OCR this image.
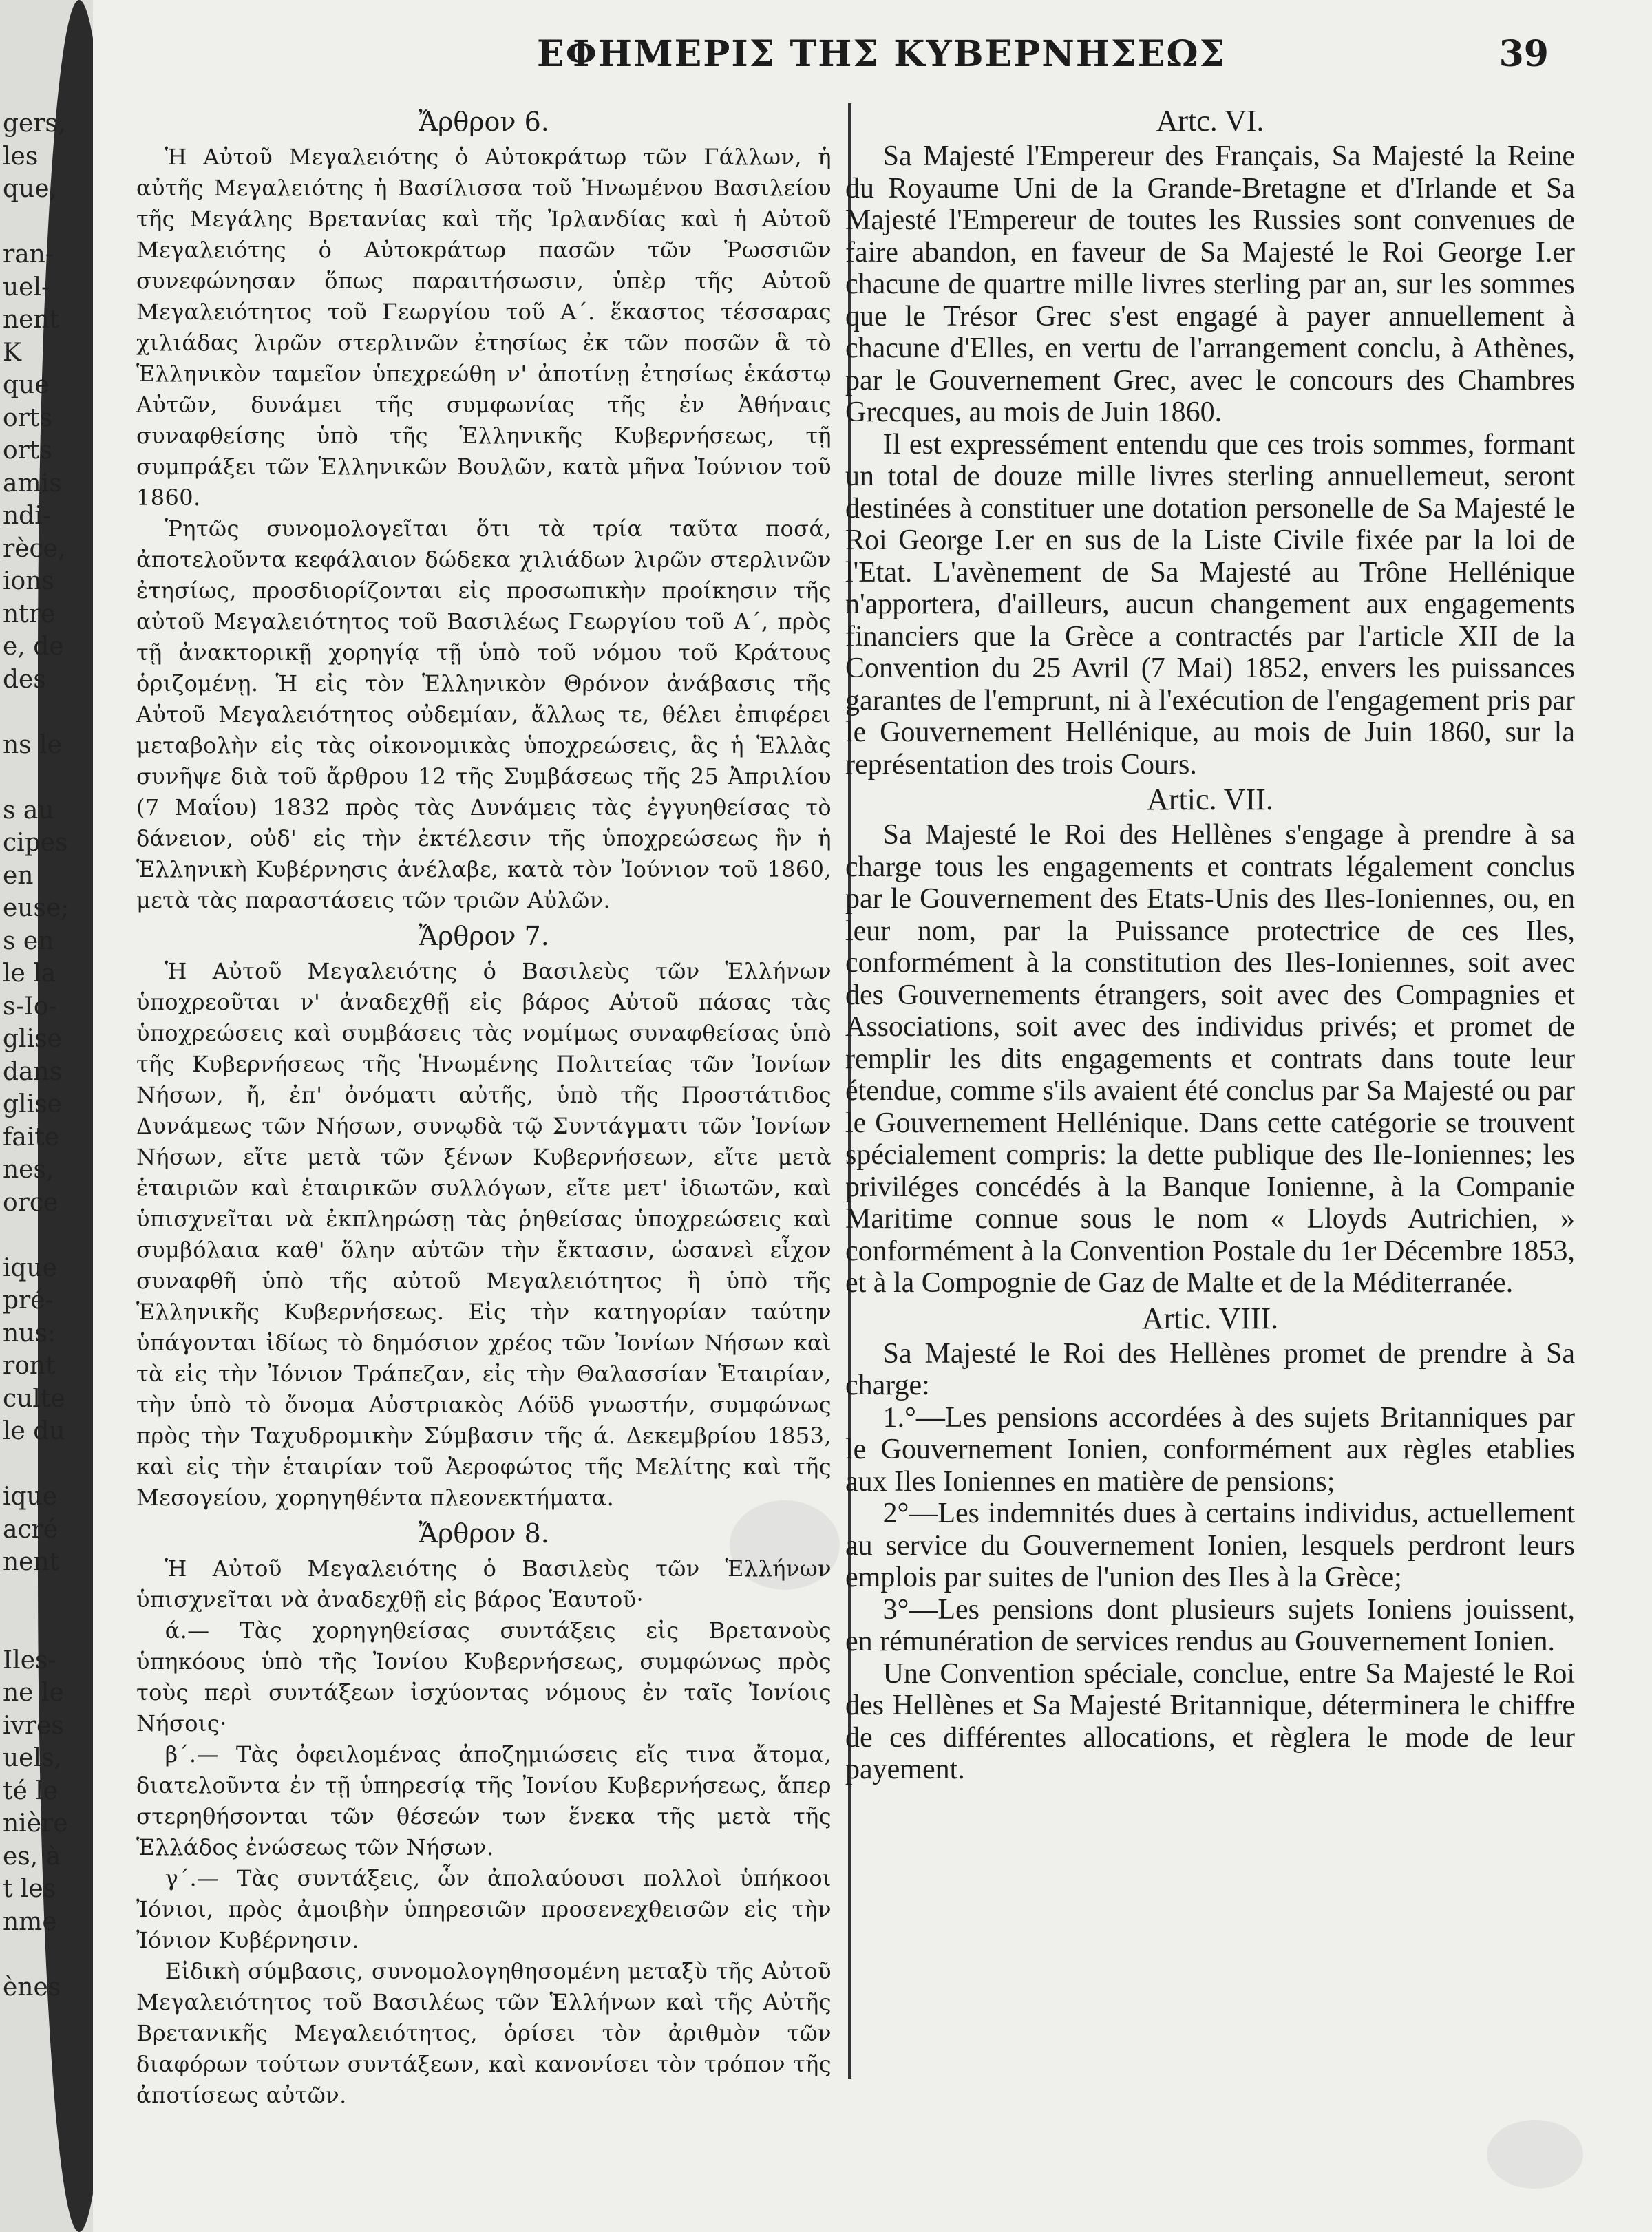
gers,
les
que,
ran-
uel-
nent
K
que
orts
orts
amis
ndi-
rèce,
ions
ntre
e, de
des
ns le
s au
cipes
en
euse;
s en
le la
s-Io-
glise
dans
glise
faite
nes,
orce
ique
pré-
nus:
ront
culte
le du
ique
acré
nent
Iles-
ne le
ivres
uels,
té le
nière
es, à
t les
nme
ènes
ΕΦΗΜΕΡΙΣ ΤΗΣ ΚΥΒΕΡΝΗΣΕΩΣ	39
Ἄρθρον 6.

Ἡ Αὐτοῦ Μεγαλειότης ὁ Αὐτοκράτωρ τῶν Γάλλων, ἡ αὐτῆς Μεγαλειότης ἡ Βασίλισσα τοῦ Ἡνωμένου Βασιλείου τῆς Μεγάλης Βρετανίας καὶ τῆς Ἰρλανδίας καὶ ἡ Αὐτοῦ Μεγαλειότης ὁ Αὐτοκράτωρ πασῶν τῶν Ῥωσσιῶν συνεφώνησαν ὅπως παραιτήσωσιν, ὑπὲρ τῆς Αὐτοῦ Μεγαλειότητος τοῦ Γεωργίου τοῦ Α΄. ἕκαστος τέσσαρας χιλιάδας λιρῶν στερλινῶν ἐτησίως ἐκ τῶν ποσῶν ἃ τὸ Ἑλληνικὸν ταμεῖον ὑπεχρεώθη ν' ἀποτίνῃ ἐτησίως ἑκάστῳ Αὐτῶν, δυνάμει τῆς συμφωνίας τῆς ἐν Ἀθήναις συναφθείσης ὑπὸ τῆς Ἑλληνικῆς Κυβερνήσεως, τῇ συμπράξει τῶν Ἑλληνικῶν Βουλῶν, κατὰ μῆνα Ἰούνιον τοῦ 1860.

Ῥητῶς συνομολογεῖται ὅτι τὰ τρία ταῦτα ποσά, ἀποτελοῦντα κεφάλαιον δώδεκα χιλιάδων λιρῶν στερλινῶν ἐτησίως, προσδιορίζονται εἰς προσωπικὴν προίκησιν τῆς αὐτοῦ Μεγαλειότητος τοῦ Βασιλέως Γεωργίου τοῦ Α΄, πρὸς τῇ ἀνακτορικῇ χορηγίᾳ τῇ ὑπὸ τοῦ νόμου τοῦ Κράτους ὁριζομένῃ. Ἡ εἰς τὸν Ἑλληνικὸν Θρόνον ἀνάβασις τῆς Αὐτοῦ Μεγαλειότητος οὐδεμίαν, ἄλλως τε, θέλει ἐπιφέρει μεταβολὴν εἰς τὰς οἰκονομικὰς ὑποχρεώσεις, ἃς ἡ Ἑλλὰς συνῆψε διὰ τοῦ ἄρθρου 12 τῆς Συμβάσεως τῆς 25 Ἀπριλίου (7 Μαΐου) 1832 πρὸς τὰς Δυνάμεις τὰς ἐγγυηθείσας τὸ δάνειον, οὐδ' εἰς τὴν ἐκτέλεσιν τῆς ὑποχρεώσεως ἣν ἡ Ἑλληνικὴ Κυβέρνησις ἀνέλαβε, κατὰ τὸν Ἰούνιον τοῦ 1860, μετὰ τὰς παραστάσεις τῶν τριῶν Αὐλῶν.

Ἄρθρον 7.

Ἡ Αὐτοῦ Μεγαλειότης ὁ Βασιλεὺς τῶν Ἑλλήνων ὑποχρεοῦται ν' ἀναδεχθῇ εἰς βάρος Αὐτοῦ πάσας τὰς ὑποχρεώσεις καὶ συμβάσεις τὰς νομίμως συναφθείσας ὑπὸ τῆς Κυβερνήσεως τῆς Ἡνωμένης Πολιτείας τῶν Ἰονίων Νήσων, ἤ, ἐπ' ὀνόματι αὐτῆς, ὑπὸ τῆς Προστάτιδος Δυνάμεως τῶν Νήσων, συνῳδὰ τῷ Συντάγματι τῶν Ἰονίων Νήσων, εἴτε μετὰ τῶν ξένων Κυβερνήσεων, εἴτε μετὰ ἑταιριῶν καὶ ἑταιρικῶν συλλόγων, εἴτε μετ' ἰδιωτῶν, καὶ ὑπισχνεῖται νὰ ἐκπληρώσῃ τὰς ῥηθείσας ὑποχρεώσεις καὶ συμβόλαια καθ' ὅλην αὐτῶν τὴν ἔκτασιν, ὡσανεὶ εἶχον συναφθῆ ὑπὸ τῆς αὐτοῦ Μεγαλειότητος ἢ ὑπὸ τῆς Ἑλληνικῆς Κυβερνήσεως. Εἰς τὴν κατηγορίαν ταύτην ὑπάγονται ἰδίως τὸ δημόσιον χρέος τῶν Ἰονίων Νήσων καὶ τὰ εἰς τὴν Ἰόνιον Τράπεζαν, εἰς τὴν Θαλασσίαν Ἑταιρίαν, τὴν ὑπὸ τὸ ὄνομα Αὐστριακὸς Λόϋδ γνωστήν, συμφώνως πρὸς τὴν Ταχυδρομικὴν Σύμβασιν τῆς ά. Δεκεμβρίου 1853, καὶ εἰς τὴν ἑταιρίαν τοῦ Ἀεροφώτος τῆς Μελίτης καὶ τῆς Μεσογείου, χορηγηθέντα πλεονεκτήματα.

Ἄρθρον 8.

Ἡ Αὐτοῦ Μεγαλειότης ὁ Βασιλεὺς τῶν Ἑλλήνων ὑπισχνεῖται νὰ ἀναδεχθῇ εἰς βάρος Ἑαυτοῦ·

ά.— Τὰς χορηγηθείσας συντάξεις εἰς Βρετανοὺς ὑπηκόους ὑπὸ τῆς Ἰονίου Κυβερνήσεως, συμφώνως πρὸς τοὺς περὶ συντάξεων ἰσχύοντας νόμους ἐν ταῖς Ἰονίοις Νήσοις·

β΄.— Τὰς ὀφειλομένας ἀποζημιώσεις εἴς τινα ἄτομα, διατελοῦντα ἐν τῇ ὑπηρεσίᾳ τῆς Ἰονίου Κυβερνήσεως, ἅπερ στερηθήσονται τῶν θέσεών των ἕνεκα τῆς μετὰ τῆς Ἑλλάδος ἐνώσεως τῶν Νήσων.

γ΄.— Τὰς συντάξεις, ὧν ἀπολαύουσι πολλοὶ ὑπήκοοι Ἰόνιοι, πρὸς ἀμοιβὴν ὑπηρεσιῶν προσενεχθεισῶν εἰς τὴν Ἰόνιον Κυβέρνησιν.

Εἰδικὴ σύμβασις, συνομολογηθησομένη μεταξὺ τῆς Αὐτοῦ Μεγαλειότητος τοῦ Βασιλέως τῶν Ἑλλήνων καὶ τῆς Αὐτῆς Βρετανικῆς Μεγαλειότητος, ὁρίσει τὸν ἀριθμὸν τῶν διαφόρων τούτων συντάξεων, καὶ κανονίσει τὸν τρόπον τῆς ἀποτίσεως αὐτῶν.

Artc. VI.

Sa Majesté l'Empereur des Français, Sa Majesté la Reine du Royaume Uni de la Grande-Bretagne et d'Irlande et Sa Majesté l'Empereur de toutes les Russies sont convenues de faire abandon, en faveur de Sa Majesté le Roi George I.er chacune de quartre mille livres sterling par an, sur les sommes que le Trésor Grec s'est engagé à payer annuellement à chacune d'Elles, en vertu de l'arrangement conclu, à Athènes, par le Gouvernement Grec, avec le concours des Chambres Grecques, au mois de Juin 1860.

Il est expressément entendu que ces trois sommes, formant un total de douze mille livres sterling annuellemeut, seront destinées à constituer une dotation personelle de Sa Majesté le Roi George I.er en sus de la Liste Civile fixée par la loi de l'Etat. L'avènement de Sa Majesté au Trône Hellénique n'apportera, d'ailleurs, aucun changement aux engagements financiers que la Grèce a contractés par l'article XII de la Convention du 25 Avril (7 Mai) 1852, envers les puissances garantes de l'emprunt, ni à l'exécution de l'engagement pris par le Gouvernement Hellénique, au mois de Juin 1860, sur la représentation des trois Cours.

Artic. VII.

Sa Majesté le Roi des Hellènes s'engage à prendre à sa charge tous les engagements et contrats légalement conclus par le Gouvernement des Etats-Unis des Iles-Ioniennes, ou, en leur nom, par la Puissance protectrice de ces Iles, conformément à la constitution des Iles-Ioniennes, soit avec des Gouvernements étrangers, soit avec des Compagnies et Associations, soit avec des individus privés; et promet de remplir les dits engagements et contrats dans toute leur étendue, comme s'ils avaient été conclus par Sa Majesté ou par le Gouvernement Hellénique. Dans cette catégorie se trouvent spécialement compris: la dette publique des Ile-Ioniennes; les priviléges concédés à la Banque Ionienne, à la Companie Maritime connue sous le nom « Lloyds Autrichien, » conformément à la Convention Postale du 1er Décembre 1853, et à la Compognie de Gaz de Malte et de la Méditerranée.

Artic. VIII.

Sa Majesté le Roi des Hellènes promet de prendre à Sa charge:

1.°—Les pensions accordées à des sujets Britanniques par le Gouvernement Ionien, conformément aux règles etablies aux Iles Ioniennes en matière de pensions;

2°—Les indemnités dues à certains individus, actuellement au service du Gouvernement Ionien, lesquels perdront leurs emplois par suites de l'union des Iles à la Grèce;

3°—Les pensions dont plusieurs sujets Ioniens jouissent, en rémunération de services rendus au Gouvernement Ionien.

Une Convention spéciale, conclue, entre Sa Majesté le Roi des Hellènes et Sa Majesté Britannique, déterminera le chiffre de ces différentes allocations, et règlera le mode de leur payement.
